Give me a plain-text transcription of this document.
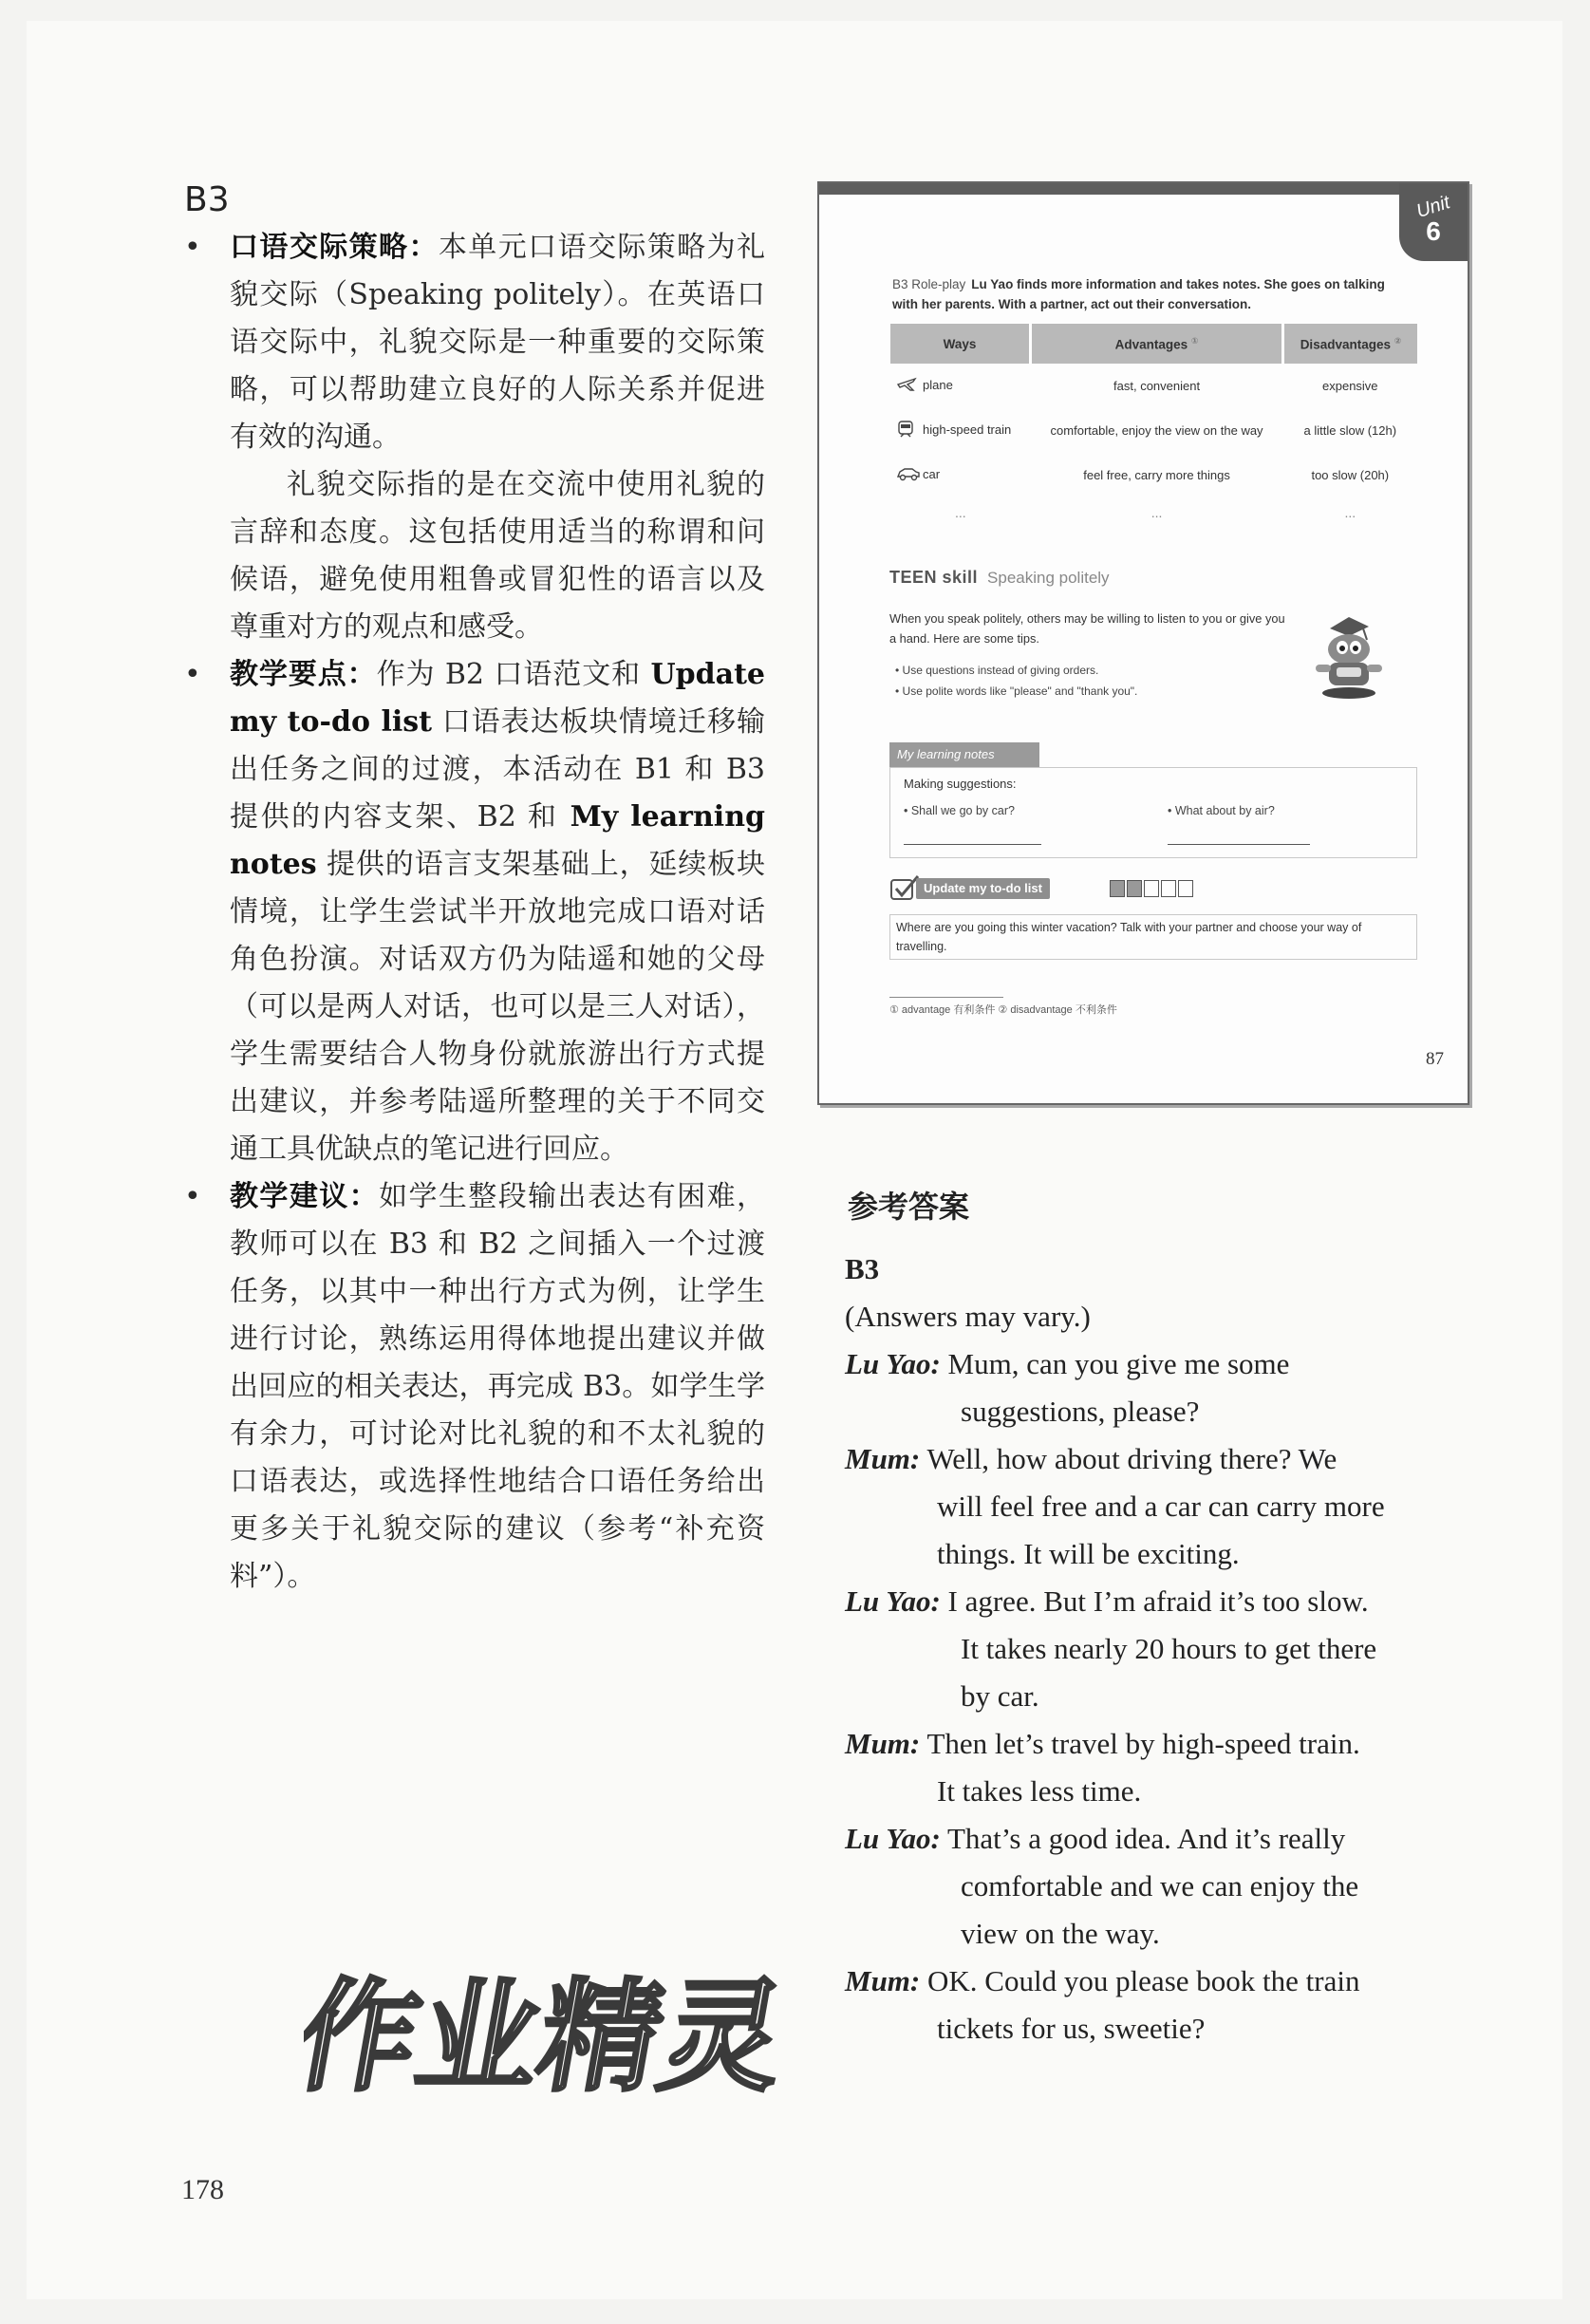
B3
• 口语交际策略：本单元口语交际策略为礼貌交际（Speaking politely）。在英语口语交际中，礼貌交际是一种重要的交际策略，可以帮助建立良好的人际关系并促进有效的沟通。
礼貌交际指的是在交流中使用礼貌的言辞和态度。这包括使用适当的称谓和问候语，避免使用粗鲁或冒犯性的语言以及尊重对方的观点和感受。
• 教学要点：作为 B2 口语范文和 Update my to-do list 口语表达板块情境迁移输出任务之间的过渡，本活动在 B1 和 B3 提供的内容支架、B2 和 My learning notes 提供的语言支架基础上，延续板块情境，让学生尝试半开放地完成口语对话角色扮演。对话双方仍为陆遥和她的父母（可以是两人对话，也可以是三人对话），学生需要结合人物身份就旅游出行方式提出建议，并参考陆遥所整理的关于不同交通工具优缺点的笔记进行回应。
• 教学建议：如学生整段输出表达有困难，教师可以在 B3 和 B2 之间插入一个过渡任务，以其中一种出行方式为例，让学生进行讨论，熟练运用得体地提出建议并做出回应的相关表达，再完成 B3。如学生学有余力，可讨论对比礼貌的和不太礼貌的口语表达，或选择性地结合口语任务给出更多关于礼貌交际的建议（参考“补充资料”）。
Unit
6
B3 Role-play Lu Yao finds more information and takes notes. She goes on talking with her parents. With a partner, act out their conversation.
Ways	Advantages ①	Disadvantages ②
plane	fast, convenient	expensive
high-speed train	comfortable, enjoy the view on the way	a little slow (12h)
car	feel free, carry more things	too slow (20h)
...	...	...
TEEN skill Speaking politely
When you speak politely, others may be willing to listen to you or give you a hand. Here are some tips.
• Use questions instead of giving orders.
• Use polite words like "please" and "thank you".
My learning notes
Making suggestions:
• Shall we go by car?	• What about by air?
Update my to-do list
Where are you going this winter vacation? Talk with your partner and choose your way of travelling.
① advantage 有利条件 ② disadvantage 不利条件
87
参考答案
B3
(Answers may vary.)
Lu Yao: Mum, can you give me some
suggestions, please?
Mum: Well, how about driving there? We
will feel free and a car can carry more
things. It will be exciting.
Lu Yao: I agree. But I’m afraid it’s too slow.
It takes nearly 20 hours to get there
by car.
Mum: Then let’s travel by high-speed train.
It takes less time.
Lu Yao: That’s a good idea. And it’s really
comfortable and we can enjoy the
view on the way.
Mum: OK. Could you please book the train
tickets for us, sweetie?
作业精灵
178
